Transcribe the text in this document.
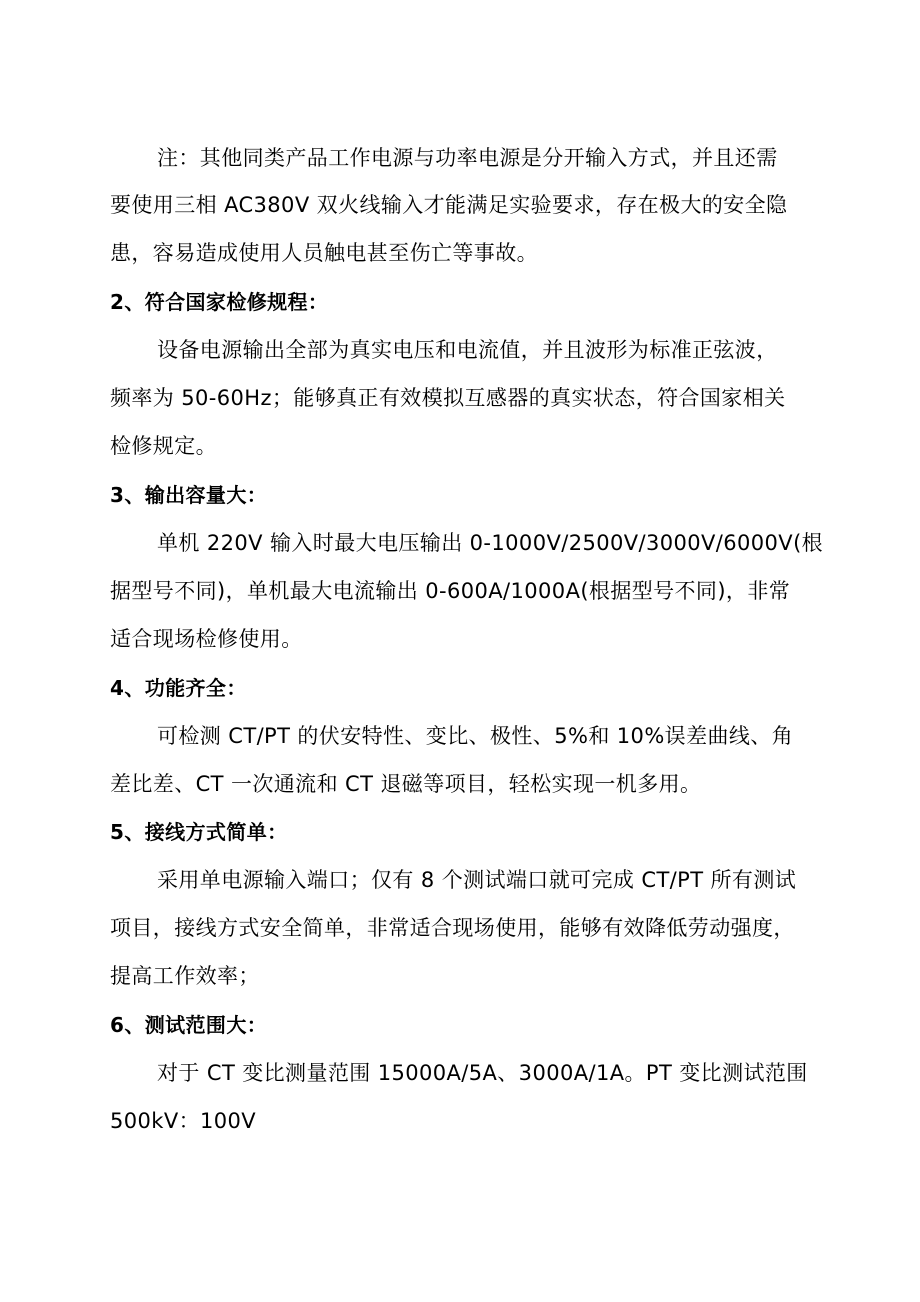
注：其他同类产品工作电源与功率电源是分开输入方式，并且还需
要使用三相 AC380V 双火线输入才能满足实验要求，存在极大的安全隐
患，容易造成使用人员触电甚至伤亡等事故。
2、符合国家检修规程：
设备电源输出全部为真实电压和电流值，并且波形为标准正弦波，
频率为 50-60Hz；能够真正有效模拟互感器的真实状态，符合国家相关
检修规定。
3、输出容量大：
单机 220V 输入时最大电压输出 0-1000V/2500V/3000V/6000V(根
据型号不同)，单机最大电流输出 0-600A/1000A(根据型号不同)，非常
适合现场检修使用。
4、功能齐全：
可检测 CT/PT 的伏安特性、变比、极性、5%和 10%误差曲线、角
差比差、CT 一次通流和 CT 退磁等项目，轻松实现一机多用。
5、接线方式简单：
采用单电源输入端口；仅有 8 个测试端口就可完成 CT/PT 所有测试
项目，接线方式安全简单，非常适合现场使用，能够有效降低劳动强度，
提高工作效率；
6、测试范围大：
对于 CT 变比测量范围 15000A/5A、3000A/1A。PT 变比测试范围
500kV：100V
